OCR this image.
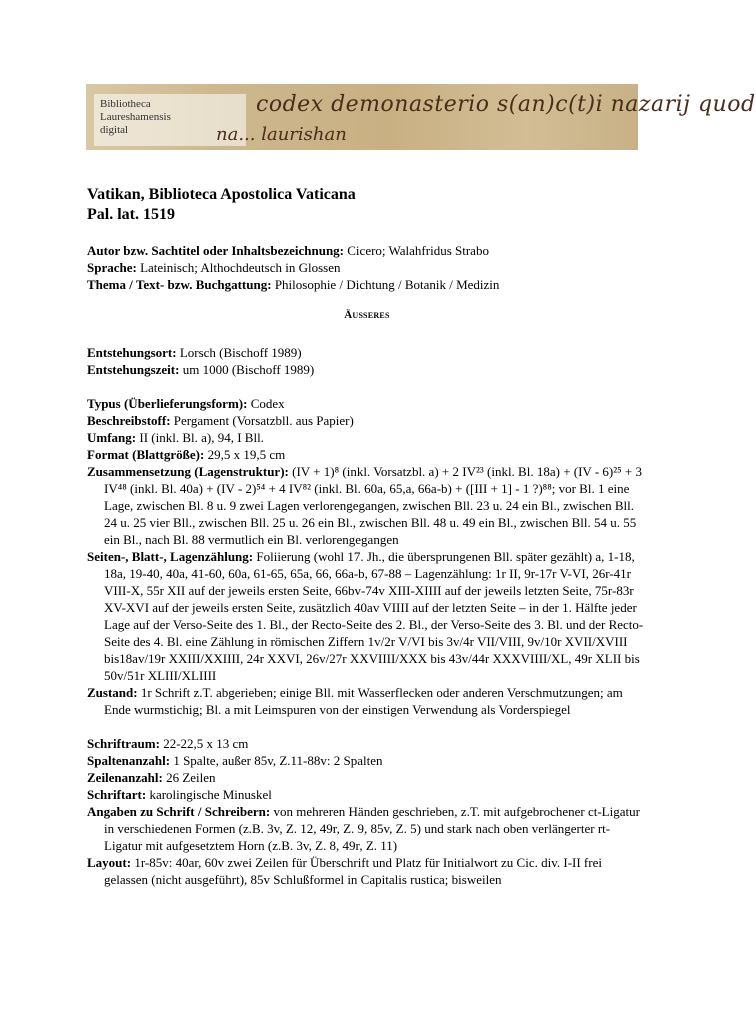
Bibliotheca
Laureshamensis
digital
codex demonasterio s(an)c(t)i nazarij quod
na... laurishan
Vatikan, Biblioteca Apostolica Vaticana
Pal. lat. 1519
Autor bzw. Sachtitel oder Inhaltsbezeichnung: Cicero; Walahfridus Strabo
Sprache: Lateinisch; Althochdeutsch in Glossen
Thema / Text- bzw. Buchgattung: Philosophie / Dichtung / Botanik / Medizin
Äußeres
Entstehungsort: Lorsch (Bischoff 1989)
Entstehungszeit: um 1000 (Bischoff 1989)
Typus (Überlieferungsform): Codex
Beschreibstoff: Pergament (Vorsatzbll. aus Papier)
Umfang: II (inkl. Bl. a), 94, I Bll.
Format (Blattgröße): 29,5 x 19,5 cm
Zusammensetzung (Lagenstruktur): (IV + 1)⁸ (inkl. Vorsatzbl. a) + 2 IV²³ (inkl. Bl. 18a) + (IV - 6)²⁵ + 3 IV⁴⁸ (inkl. Bl. 40a) + (IV - 2)⁵⁴ + 4 IV⁸² (inkl. Bl. 60a, 65,a, 66a-b) + ([III + 1] - 1 ?)⁸⁸; vor Bl. 1 eine Lage, zwischen Bl. 8 u. 9 zwei Lagen verlorengegangen, zwischen Bll. 23 u. 24 ein Bl., zwischen Bll. 24 u. 25 vier Bll., zwischen Bll. 25 u. 26 ein Bl., zwischen Bll. 48 u. 49 ein Bl., zwischen Bll. 54 u. 55 ein Bl., nach Bl. 88 vermutlich ein Bl. verlorengegangen
Seiten-, Blatt-, Lagenzählung: Foliierung (wohl 17. Jh., die übersprungenen Bll. später gezählt) a, 1-18, 18a, 19-40, 40a, 41-60, 60a, 61-65, 65a, 66, 66a-b, 67-88 – Lagenzählung: 1r II, 9r-17r V-VI, 26r-41r VIII-X, 55r XII auf der jeweils ersten Seite, 66bv-74v XIII-XIIII auf der jeweils letzten Seite, 75r-83r XV-XVI auf der jeweils ersten Seite, zusätzlich 40av VIIII auf der letzten Seite – in der 1. Hälfte jeder Lage auf der Verso-Seite des 1. Bl., der Recto-Seite des 2. Bl., der Verso-Seite des 3. Bl. und der Recto-Seite des 4. Bl. eine Zählung in römischen Ziffern 1v/2r V/VI bis 3v/4r VII/VIII, 9v/10r XVII/XVIII bis18av/19r XXIII/XXIIII, 24r XXVI, 26v/27r XXVIIII/XXX bis 43v/44r XXXVIIII/XL, 49r XLII bis 50v/51r XLIII/XLIIII
Zustand: 1r Schrift z.T. abgerieben; einige Bll. mit Wasserflecken oder anderen Verschmutzungen; am Ende wurmstichig; Bl. a mit Leimspuren von der einstigen Verwendung als Vorderspiegel
Schriftraum: 22-22,5 x 13 cm
Spaltenanzahl: 1 Spalte, außer 85v, Z.11-88v: 2 Spalten
Zeilenanzahl: 26 Zeilen
Schriftart: karolingische Minuskel
Angaben zu Schrift / Schreibern: von mehreren Händen geschrieben, z.T. mit aufgebrochener ct-Ligatur in verschiedenen Formen (z.B. 3v, Z. 12, 49r, Z. 9, 85v, Z. 5) und stark nach oben verlängerter rt-Ligatur mit aufgesetztem Horn (z.B. 3v, Z. 8, 49r, Z. 11)
Layout: 1r-85v: 40ar, 60v zwei Zeilen für Überschrift und Platz für Initialwort zu Cic. div. I-II frei gelassen (nicht ausgeführt), 85v Schlußformel in Capitalis rustica; bisweilen
